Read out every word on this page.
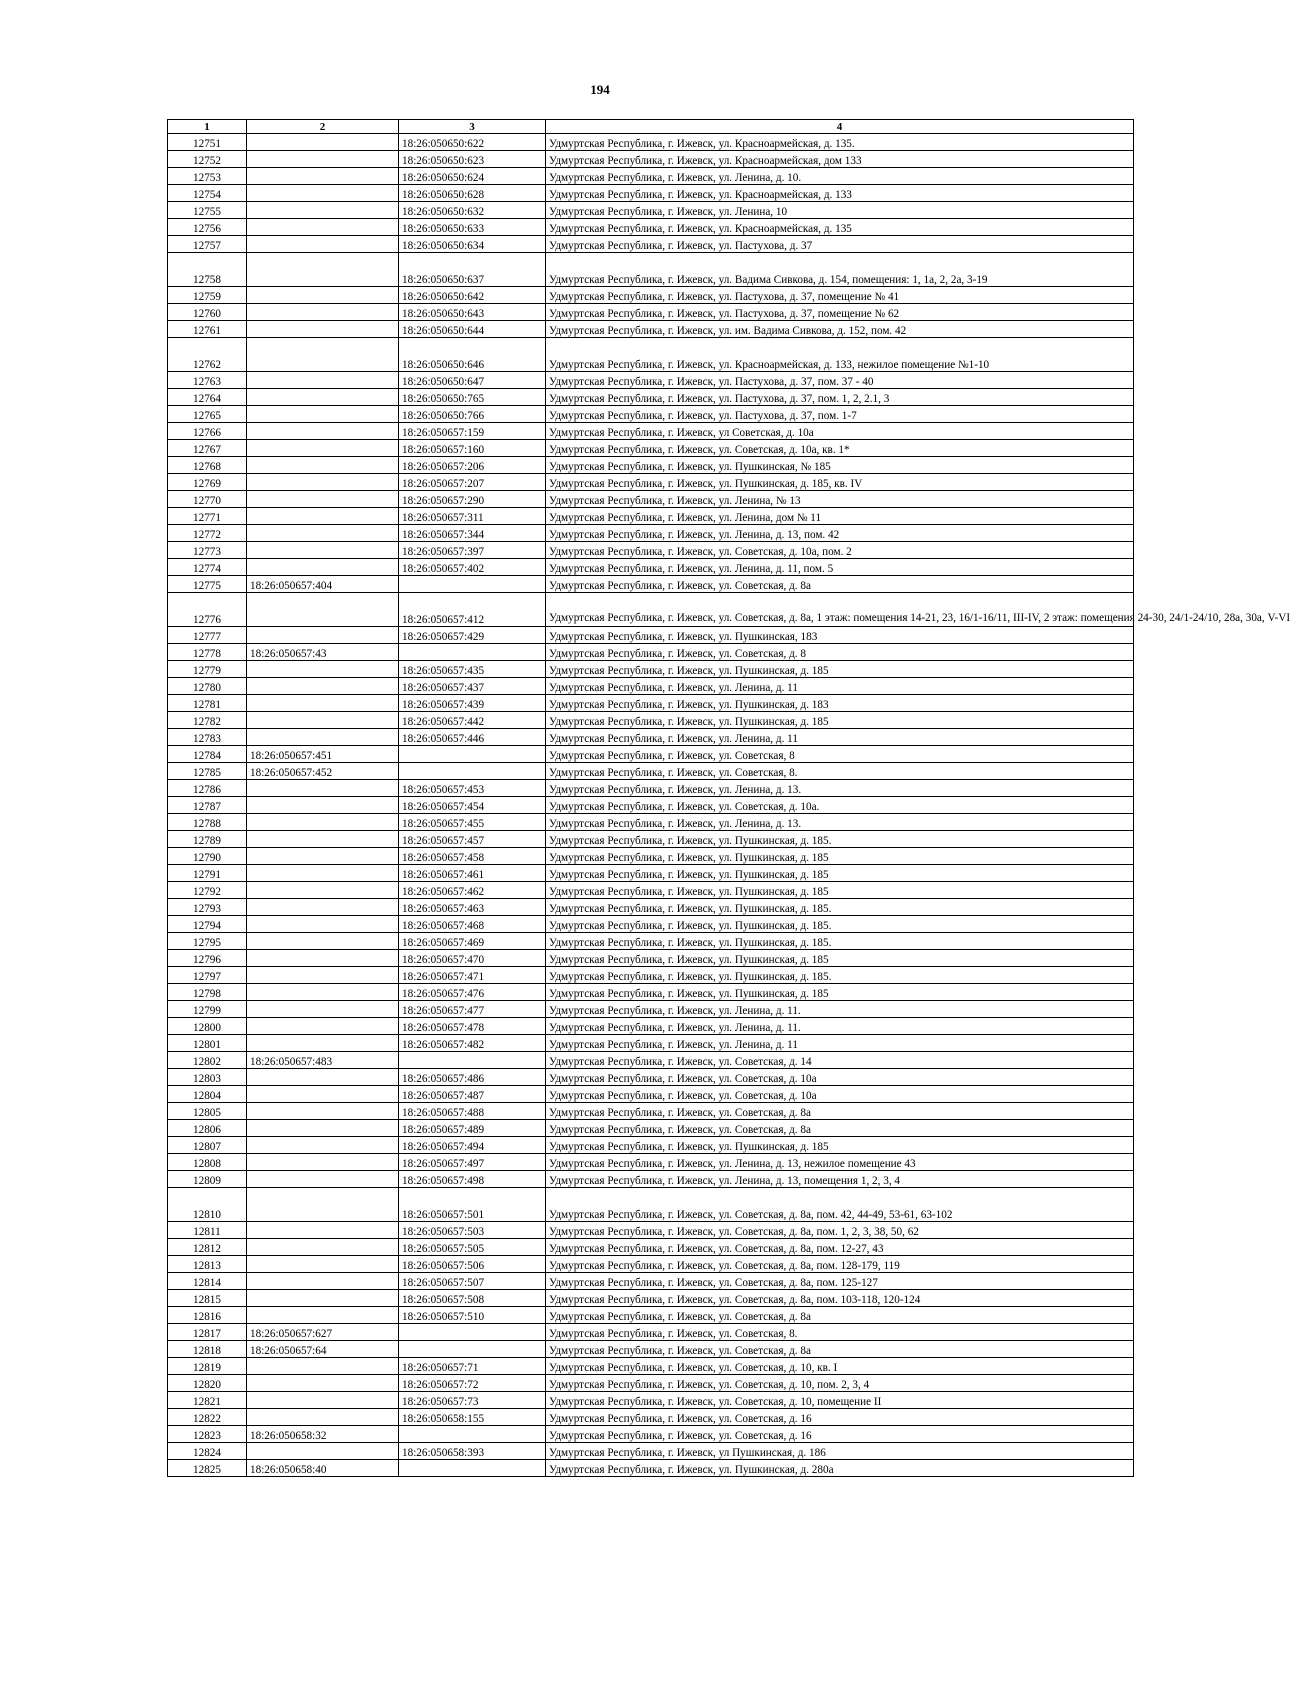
194
1	2	3	4
12751		18:26:050650:622	Удмуртская Республика, г. Ижевск, ул. Красноармейская, д. 135.
12752		18:26:050650:623	Удмуртская Республика, г. Ижевск, ул. Красноармейская, дом 133
12753		18:26:050650:624	Удмуртская Республика, г. Ижевск, ул. Ленина, д. 10.
12754		18:26:050650:628	Удмуртская Республика, г. Ижевск, ул. Красноармейская, д. 133
12755		18:26:050650:632	Удмуртская Республика, г. Ижевск, ул. Ленина, 10
12756		18:26:050650:633	Удмуртская Республика, г. Ижевск, ул. Красноармейская, д. 135
12757		18:26:050650:634	Удмуртская Республика, г. Ижевск, ул. Пастухова, д. 37
12758		18:26:050650:637	Удмуртская Республика, г. Ижевск, ул. Вадима Сивкова, д. 154, помещения: 1, 1а, 2, 2а, 3-19
12759		18:26:050650:642	Удмуртская Республика, г. Ижевск, ул. Пастухова, д. 37, помещение № 41
12760		18:26:050650:643	Удмуртская Республика, г. Ижевск, ул. Пастухова, д. 37, помещение № 62
12761		18:26:050650:644	Удмуртская Республика, г. Ижевск, ул. им. Вадима Сивкова, д. 152, пом. 42
12762		18:26:050650:646	Удмуртская Республика, г. Ижевск, ул. Красноармейская, д. 133, нежилое помещение №1-10
12763		18:26:050650:647	Удмуртская Республика, г. Ижевск, ул. Пастухова, д. 37, пом. 37 - 40
12764		18:26:050650:765	Удмуртская Республика, г. Ижевск, ул. Пастухова, д. 37, пом. 1, 2, 2.1, 3
12765		18:26:050650:766	Удмуртская Республика, г. Ижевск, ул. Пастухова, д. 37, пом. 1-7
12766		18:26:050657:159	Удмуртская Республика, г. Ижевск, ул Советская, д. 10а
12767		18:26:050657:160	Удмуртская Республика, г. Ижевск, ул. Советская, д. 10а, кв. 1*
12768		18:26:050657:206	Удмуртская Республика, г. Ижевск, ул. Пушкинская, № 185
12769		18:26:050657:207	Удмуртская Республика, г. Ижевск, ул. Пушкинская, д. 185, кв. IV
12770		18:26:050657:290	Удмуртская Республика, г. Ижевск, ул. Ленина, № 13
12771		18:26:050657:311	Удмуртская Республика, г. Ижевск, ул. Ленина, дом № 11
12772		18:26:050657:344	Удмуртская Республика, г. Ижевск, ул. Ленина, д. 13, пом. 42
12773		18:26:050657:397	Удмуртская Республика, г. Ижевск, ул. Советская, д. 10а, пом. 2
12774		18:26:050657:402	Удмуртская Республика, г. Ижевск, ул. Ленина, д. 11, пом. 5
12775	18:26:050657:404		Удмуртская Республика, г. Ижевск, ул. Советская, д. 8а
12776		18:26:050657:412	Удмуртская Республика, г. Ижевск, ул. Советская, д. 8а, 1 этаж: помещения 14-21, 23, 16/1-16/11, III-IV, 2 этаж: помещения 24-30, 24/1-24/10, 28а, 30а, V-VI
12777		18:26:050657:429	Удмуртская Республика, г. Ижевск, ул. Пушкинская, 183
12778	18:26:050657:43		Удмуртская Республика, г. Ижевск, ул. Советская, д. 8
12779		18:26:050657:435	Удмуртская Республика, г. Ижевск, ул. Пушкинская, д. 185
12780		18:26:050657:437	Удмуртская Республика, г. Ижевск, ул. Ленина, д. 11
12781		18:26:050657:439	Удмуртская Республика, г. Ижевск, ул. Пушкинская, д. 183
12782		18:26:050657:442	Удмуртская Республика, г. Ижевск, ул. Пушкинская, д. 185
12783		18:26:050657:446	Удмуртская Республика, г. Ижевск, ул. Ленина, д. 11
12784	18:26:050657:451		Удмуртская Республика, г. Ижевск, ул. Советская, 8
12785	18:26:050657:452		Удмуртская Республика, г. Ижевск, ул. Советская, 8.
12786		18:26:050657:453	Удмуртская Республика, г. Ижевск, ул. Ленина, д. 13.
12787		18:26:050657:454	Удмуртская Республика, г. Ижевск, ул. Советская, д. 10а.
12788		18:26:050657:455	Удмуртская Республика, г. Ижевск, ул. Ленина, д. 13.
12789		18:26:050657:457	Удмуртская Республика, г. Ижевск, ул. Пушкинская, д. 185.
12790		18:26:050657:458	Удмуртская Республика, г. Ижевск, ул. Пушкинская, д. 185
12791		18:26:050657:461	Удмуртская Республика, г. Ижевск, ул. Пушкинская, д. 185
12792		18:26:050657:462	Удмуртская Республика, г. Ижевск, ул. Пушкинская, д. 185
12793		18:26:050657:463	Удмуртская Республика, г. Ижевск, ул. Пушкинская, д. 185.
12794		18:26:050657:468	Удмуртская Республика, г. Ижевск, ул. Пушкинская, д. 185.
12795		18:26:050657:469	Удмуртская Республика, г. Ижевск, ул. Пушкинская, д. 185.
12796		18:26:050657:470	Удмуртская Республика, г. Ижевск, ул. Пушкинская, д. 185
12797		18:26:050657:471	Удмуртская Республика, г. Ижевск, ул. Пушкинская, д. 185.
12798		18:26:050657:476	Удмуртская Республика, г. Ижевск, ул. Пушкинская, д. 185
12799		18:26:050657:477	Удмуртская Республика, г. Ижевск, ул. Ленина, д. 11.
12800		18:26:050657:478	Удмуртская Республика, г. Ижевск, ул. Ленина, д. 11.
12801		18:26:050657:482	Удмуртская Республика, г. Ижевск, ул. Ленина, д. 11
12802	18:26:050657:483		Удмуртская Республика, г. Ижевск, ул. Советская, д. 14
12803		18:26:050657:486	Удмуртская Республика, г. Ижевск, ул. Советская, д. 10а
12804		18:26:050657:487	Удмуртская Республика, г. Ижевск, ул. Советская, д. 10а
12805		18:26:050657:488	Удмуртская Республика, г. Ижевск, ул. Советская, д. 8а
12806		18:26:050657:489	Удмуртская Республика, г. Ижевск, ул. Советская, д. 8а
12807		18:26:050657:494	Удмуртская Республика, г. Ижевск, ул. Пушкинская, д. 185
12808		18:26:050657:497	Удмуртская Республика, г. Ижевск, ул. Ленина, д. 13, нежилое помещение 43
12809		18:26:050657:498	Удмуртская Республика, г. Ижевск, ул. Ленина, д. 13, помещения 1, 2, 3, 4
12810		18:26:050657:501	Удмуртская Республика, г. Ижевск, ул. Советская, д. 8а, пом. 42, 44-49, 53-61, 63-102
12811		18:26:050657:503	Удмуртская Республика, г. Ижевск, ул. Советская, д. 8а, пом. 1, 2, 3, 38, 50, 62
12812		18:26:050657:505	Удмуртская Республика, г. Ижевск, ул. Советская, д. 8а, пом. 12-27, 43
12813		18:26:050657:506	Удмуртская Республика, г. Ижевск, ул. Советская, д. 8а, пом. 128-179, 119
12814		18:26:050657:507	Удмуртская Республика, г. Ижевск, ул. Советская, д. 8а, пом. 125-127
12815		18:26:050657:508	Удмуртская Республика, г. Ижевск, ул. Советская, д. 8а, пом. 103-118, 120-124
12816		18:26:050657:510	Удмуртская Республика, г. Ижевск, ул. Советская, д. 8а
12817	18:26:050657:627		Удмуртская Республика, г. Ижевск, ул. Советская, 8.
12818	18:26:050657:64		Удмуртская Республика, г. Ижевск, ул. Советская, д. 8а
12819		18:26:050657:71	Удмуртская Республика, г. Ижевск, ул. Советская, д. 10, кв. I
12820		18:26:050657:72	Удмуртская Республика, г. Ижевск, ул. Советская, д. 10, пом. 2, 3, 4
12821		18:26:050657:73	Удмуртская Республика, г. Ижевск, ул. Советская, д. 10, помещение II
12822		18:26:050658:155	Удмуртская Республика, г. Ижевск, ул. Советская, д. 16
12823	18:26:050658:32		Удмуртская Республика, г. Ижевск, ул. Советская, д. 16
12824		18:26:050658:393	Удмуртская Республика, г. Ижевск, ул Пушкинская, д. 186
12825	18:26:050658:40		Удмуртская Республика, г. Ижевск, ул. Пушкинская, д. 280а
